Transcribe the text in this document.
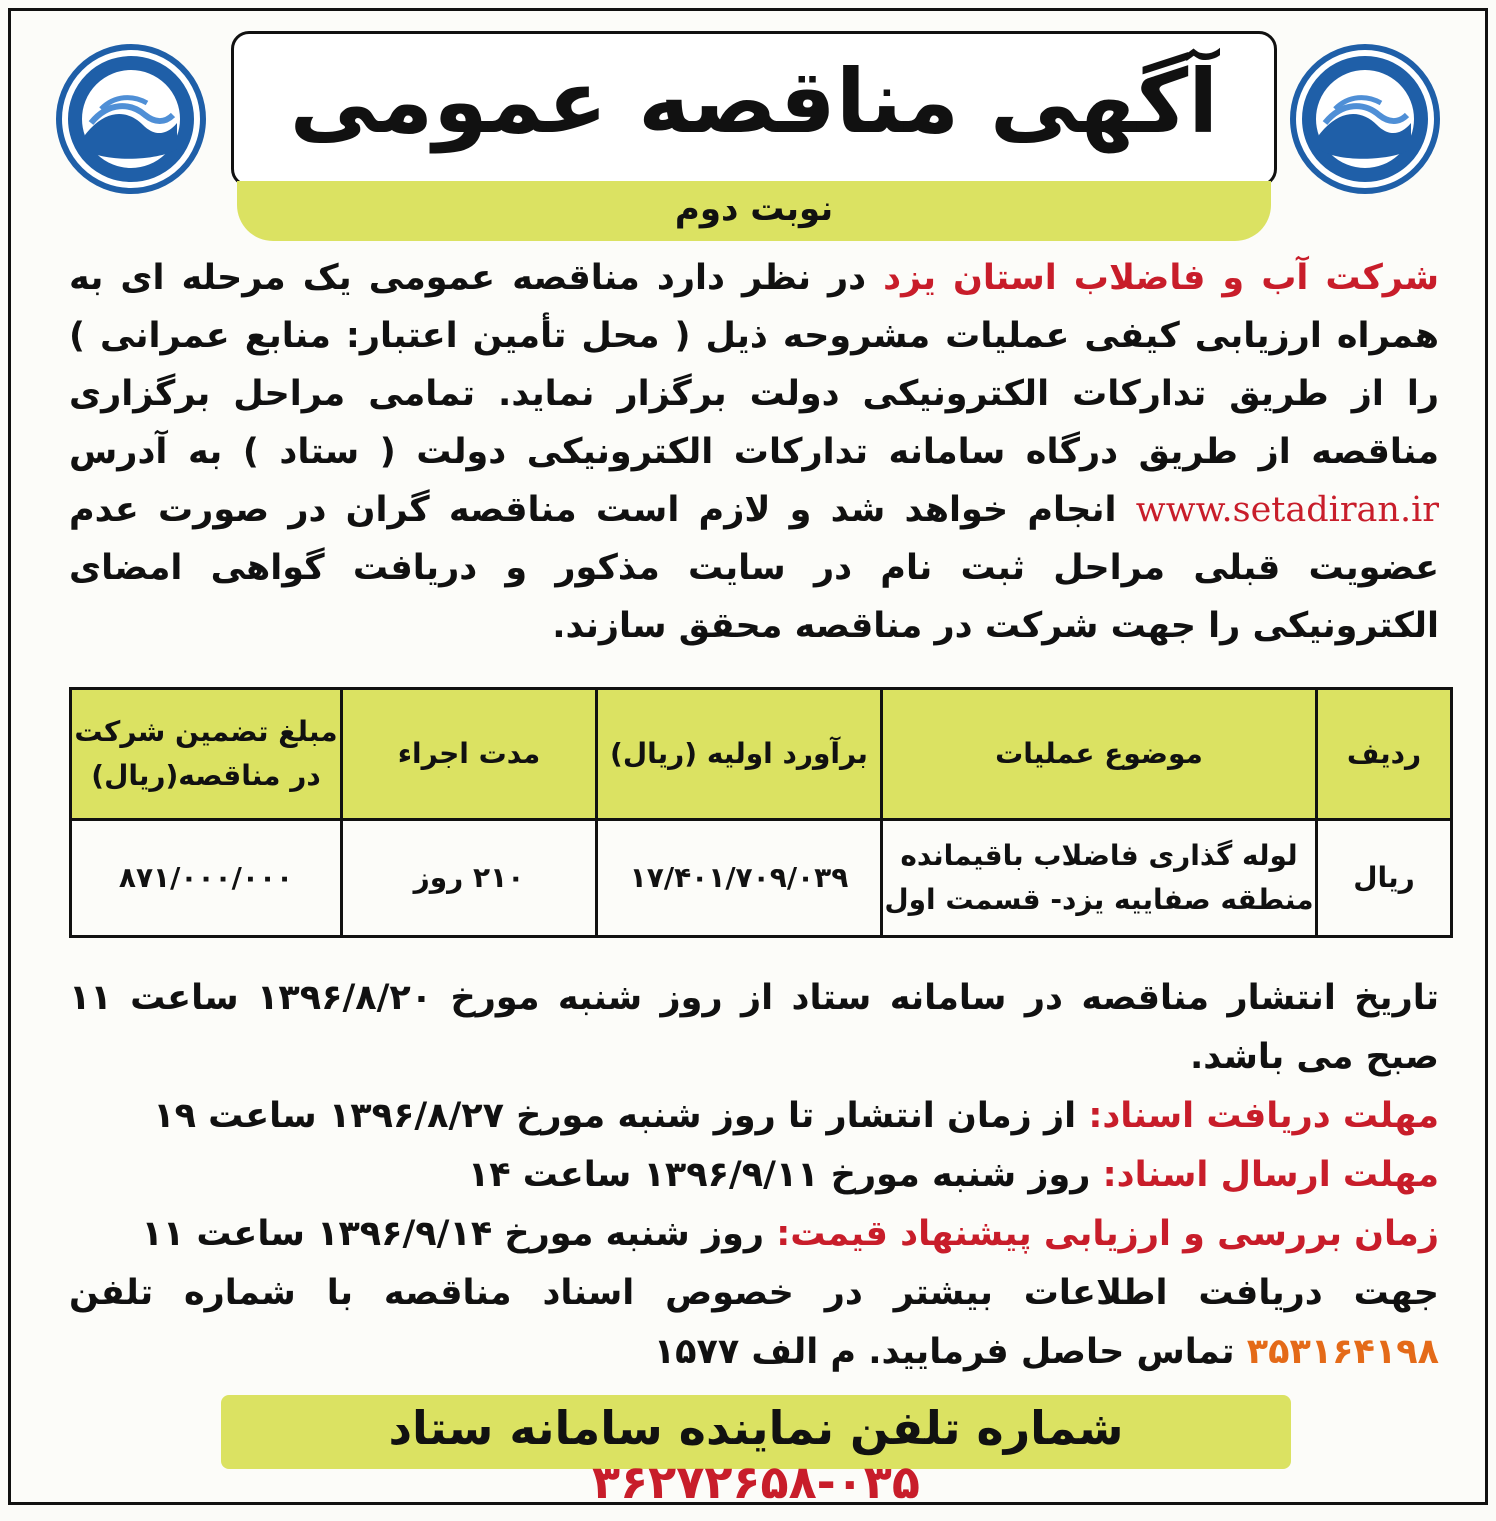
آگهی مناقصه عمومی
نوبت دوم
شرکت آب و فاضلاب استان یزد در نظر دارد مناقصه عمومی یک مرحله ای به همراه ارزیابی کیفی عملیات مشروحه ذیل ( محل تأمین اعتبار: منابع عمرانی ) را از طریق تدارکات الکترونیکی دولت برگزار نماید. تمامی مراحل برگزاری مناقصه از طریق درگاه سامانه تدارکات الکترونیکی دولت ( ستاد ) به آدرس www.setadiran.ir انجام خواهد شد و لازم است مناقصه گران در صورت عدم عضویت قبلی مراحل ثبت نام در سایت مذکور و دریافت گواهی امضای الکترونیکی را جهت شرکت در مناقصه محقق سازند.
ردیف	موضوع عملیات	برآورد اولیه (ریال)	مدت اجراء	مبلغ تضمین شرکت در مناقصه(ریال)
ریال	لوله گذاری فاضلاب باقیمانده منطقه صفاییه یزد- قسمت اول	۱۷/۴۰۱/۷۰۹/۰۳۹	۲۱۰ روز	۸۷۱/۰۰۰/۰۰۰

تاریخ انتشار مناقصه در سامانه ستاد از روز شنبه مورخ ۱۳۹۶/۸/۲۰ ساعت ۱۱ صبح می باشد.

مهلت دریافت اسناد: از زمان انتشار تا روز شنبه مورخ ۱۳۹۶/۸/۲۷ ساعت ۱۹

مهلت ارسال اسناد: روز شنبه مورخ ۱۳۹۶/۹/۱۱ ساعت ۱۴

زمان بررسی و ارزیابی پیشنهاد قیمت: روز شنبه مورخ ۱۳۹۶/۹/۱۴ ساعت ۱۱

جهت دریافت اطلاعات بیشتر در خصوص اسناد مناقصه با شماره تلفن ۳۵۳۱۶۴۱۹۸ تماس حاصل فرمایید. م الف ۱۵۷۷

شماره تلفن نماینده سامانه ستاد ۰۳۵-۳۶۲۷۲۶۵۸
